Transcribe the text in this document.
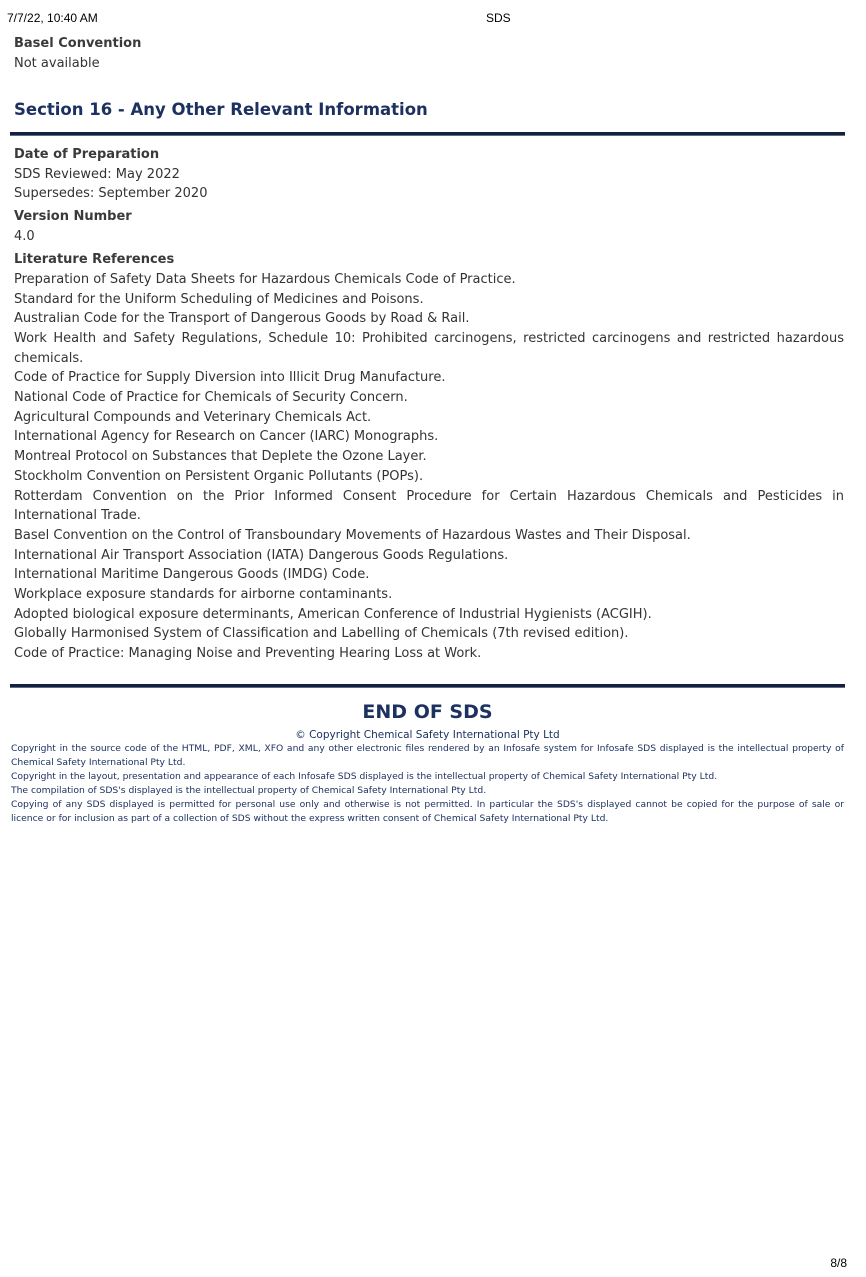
7/7/22, 10:40 AM	SDS
Basel Convention
Not available
Section 16 - Any Other Relevant Information
Date of Preparation
SDS Reviewed: May 2022
Supersedes: September 2020
Version Number
4.0
Literature References
Preparation of Safety Data Sheets for Hazardous Chemicals Code of Practice.
Standard for the Uniform Scheduling of Medicines and Poisons.
Australian Code for the Transport of Dangerous Goods by Road & Rail.
Work Health and Safety Regulations, Schedule 10: Prohibited carcinogens, restricted carcinogens and restricted hazardous chemicals.
Code of Practice for Supply Diversion into Illicit Drug Manufacture.
National Code of Practice for Chemicals of Security Concern.
Agricultural Compounds and Veterinary Chemicals Act.
International Agency for Research on Cancer (IARC) Monographs.
Montreal Protocol on Substances that Deplete the Ozone Layer.
Stockholm Convention on Persistent Organic Pollutants (POPs).
Rotterdam Convention on the Prior Informed Consent Procedure for Certain Hazardous Chemicals and Pesticides in International Trade.
Basel Convention on the Control of Transboundary Movements of Hazardous Wastes and Their Disposal.
International Air Transport Association (IATA) Dangerous Goods Regulations.
International Maritime Dangerous Goods (IMDG) Code.
Workplace exposure standards for airborne contaminants.
Adopted biological exposure determinants, American Conference of Industrial Hygienists (ACGIH).
Globally Harmonised System of Classification and Labelling of Chemicals (7th revised edition).
Code of Practice: Managing Noise and Preventing Hearing Loss at Work.
END OF SDS
© Copyright Chemical Safety International Pty Ltd
Copyright in the source code of the HTML, PDF, XML, XFO and any other electronic files rendered by an Infosafe system for Infosafe SDS displayed is the intellectual property of Chemical Safety International Pty Ltd.
Copyright in the layout, presentation and appearance of each Infosafe SDS displayed is the intellectual property of Chemical Safety International Pty Ltd.
The compilation of SDS's displayed is the intellectual property of Chemical Safety International Pty Ltd.
Copying of any SDS displayed is permitted for personal use only and otherwise is not permitted. In particular the SDS's displayed cannot be copied for the purpose of sale or licence or for inclusion as part of a collection of SDS without the express written consent of Chemical Safety International Pty Ltd.
8/8
